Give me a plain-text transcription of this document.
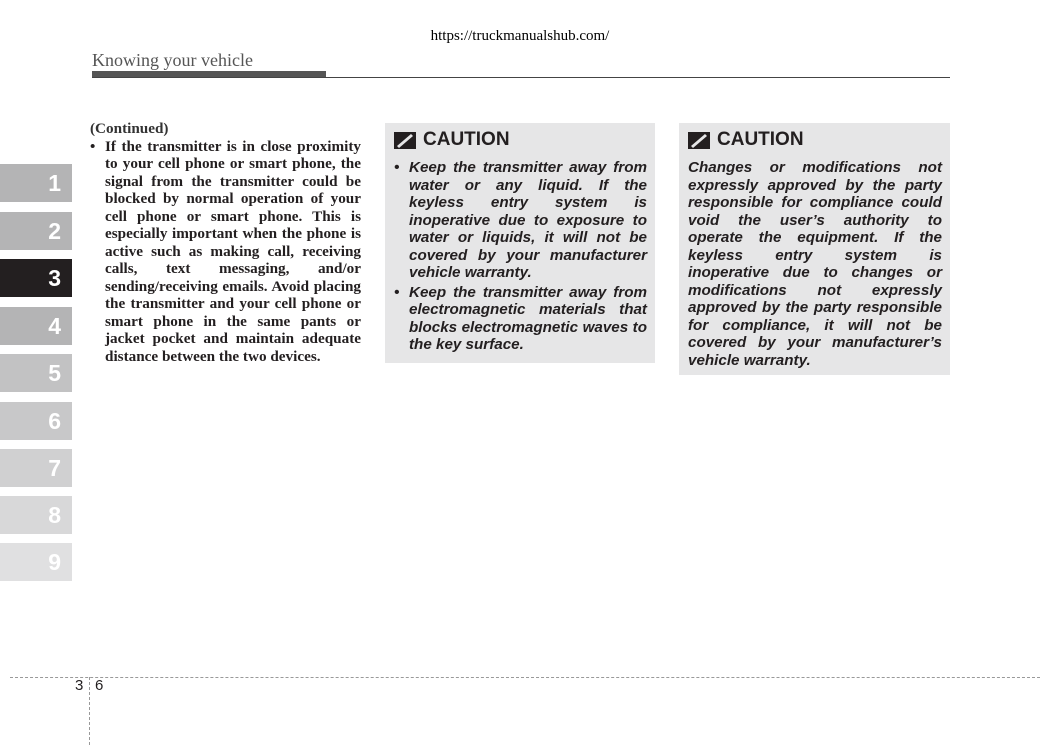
https://truckmanualshub.com/
Knowing your vehicle
1
2
3
4
5
6
7
8
9

(Continued)

• If the transmitter is in close proximity to your cell phone or smart phone, the signal from the transmitter could be blocked by normal operation of your cell phone or smart phone. This is especially important when the phone is active such as making call, receiving calls, text messaging, and/or sending/receiving emails. Avoid placing the transmitter and your cell phone or smart phone in the same pants or jacket pocket and maintain adequate distance between the two devices.
CAUTION
• Keep the transmitter away from water or any liquid. If the keyless entry system is inoperative due to exposure to water or liquids, it will not be covered by your manufacturer vehicle warranty.
• Keep the transmitter away from electromagnetic materials that blocks electromagnetic waves to the key surface.
CAUTION
Changes or modifications not expressly approved by the party responsible for compliance could void the user’s authority to operate the equipment. If the keyless entry system is inoperative due to changes or modifications not expressly approved by the party responsible for compliance, it will not be covered by your manufacturer’s vehicle warranty.
3 6
